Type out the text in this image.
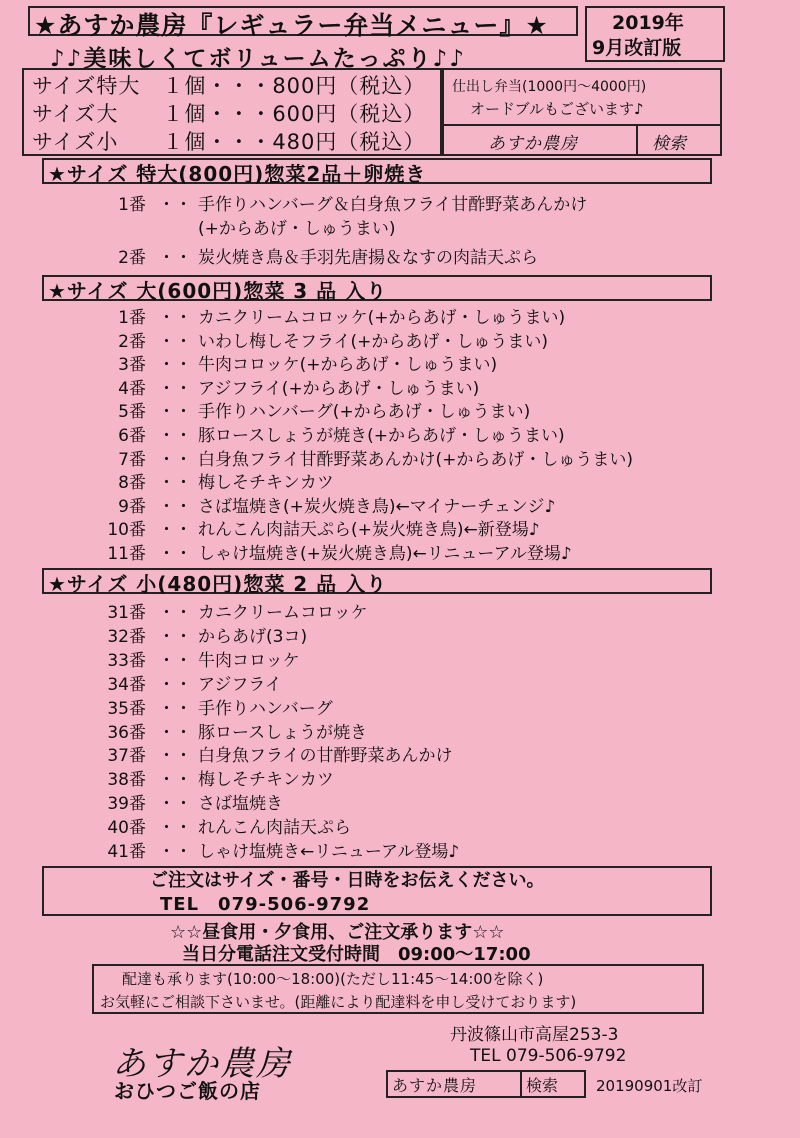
★あすか農房『レギュラー弁当メニュー』★
♪♪美味しくてボリュームたっぷり♪♪
2019年
9月改訂版
サイズ特大　１個・・・800円（税込）
サイズ大　　１個・・・600円（税込）
サイズ小　　１個・・・480円（税込）
仕出し弁当(1000円～4000円)
オードブルもございます♪
あすか農房	検索
★サイズ 特大(800円)惣菜2品＋卵焼き
1番 ・・ 手作りハンバーグ＆白身魚フライ甘酢野菜あんかけ
(+からあげ・しゅうまい)
2番 ・・ 炭火焼き鳥＆手羽先唐揚＆なすの肉詰天ぷら
★サイズ 大(600円)惣菜 3 品 入り
1番 ・・ カニクリームコロッケ(+からあげ・しゅうまい)
2番 ・・ いわし梅しそフライ(+からあげ・しゅうまい)
3番 ・・ 牛肉コロッケ(+からあげ・しゅうまい)
4番 ・・ アジフライ(+からあげ・しゅうまい)
5番 ・・ 手作りハンバーグ(+からあげ・しゅうまい)
6番 ・・ 豚ロースしょうが焼き(+からあげ・しゅうまい)
7番 ・・ 白身魚フライ甘酢野菜あんかけ(+からあげ・しゅうまい)
8番 ・・ 梅しそチキンカツ
9番 ・・ さば塩焼き(+炭火焼き鳥)←マイナーチェンジ♪
10番 ・・ れんこん肉詰天ぷら(+炭火焼き鳥)←新登場♪
11番 ・・ しゃけ塩焼き(+炭火焼き鳥)←リニューアル登場♪
★サイズ 小(480円)惣菜 2 品 入り
31番 ・・ カニクリームコロッケ
32番 ・・ からあげ(3コ)
33番 ・・ 牛肉コロッケ
34番 ・・ アジフライ
35番 ・・ 手作りハンバーグ
36番 ・・ 豚ロースしょうが焼き
37番 ・・ 白身魚フライの甘酢野菜あんかけ
38番 ・・ 梅しそチキンカツ
39番 ・・ さば塩焼き
40番 ・・ れんこん肉詰天ぷら
41番 ・・ しゃけ塩焼き←リニューアル登場♪
ご注文はサイズ・番号・日時をお伝えください。
TEL　079-506-9792
☆☆昼食用・夕食用、ご注文承ります☆☆
当日分電話注文受付時間　09:00～17:00
配達も承ります(10:00～18:00)(ただし11:45～14:00を除く)
お気軽にご相談下さいませ。(距離により配達料を申し受けております)
あすか農房
おひつご飯の店
丹波篠山市高屋253-3
TEL 079-506-9792
あすか農房	検索	20190901改訂
